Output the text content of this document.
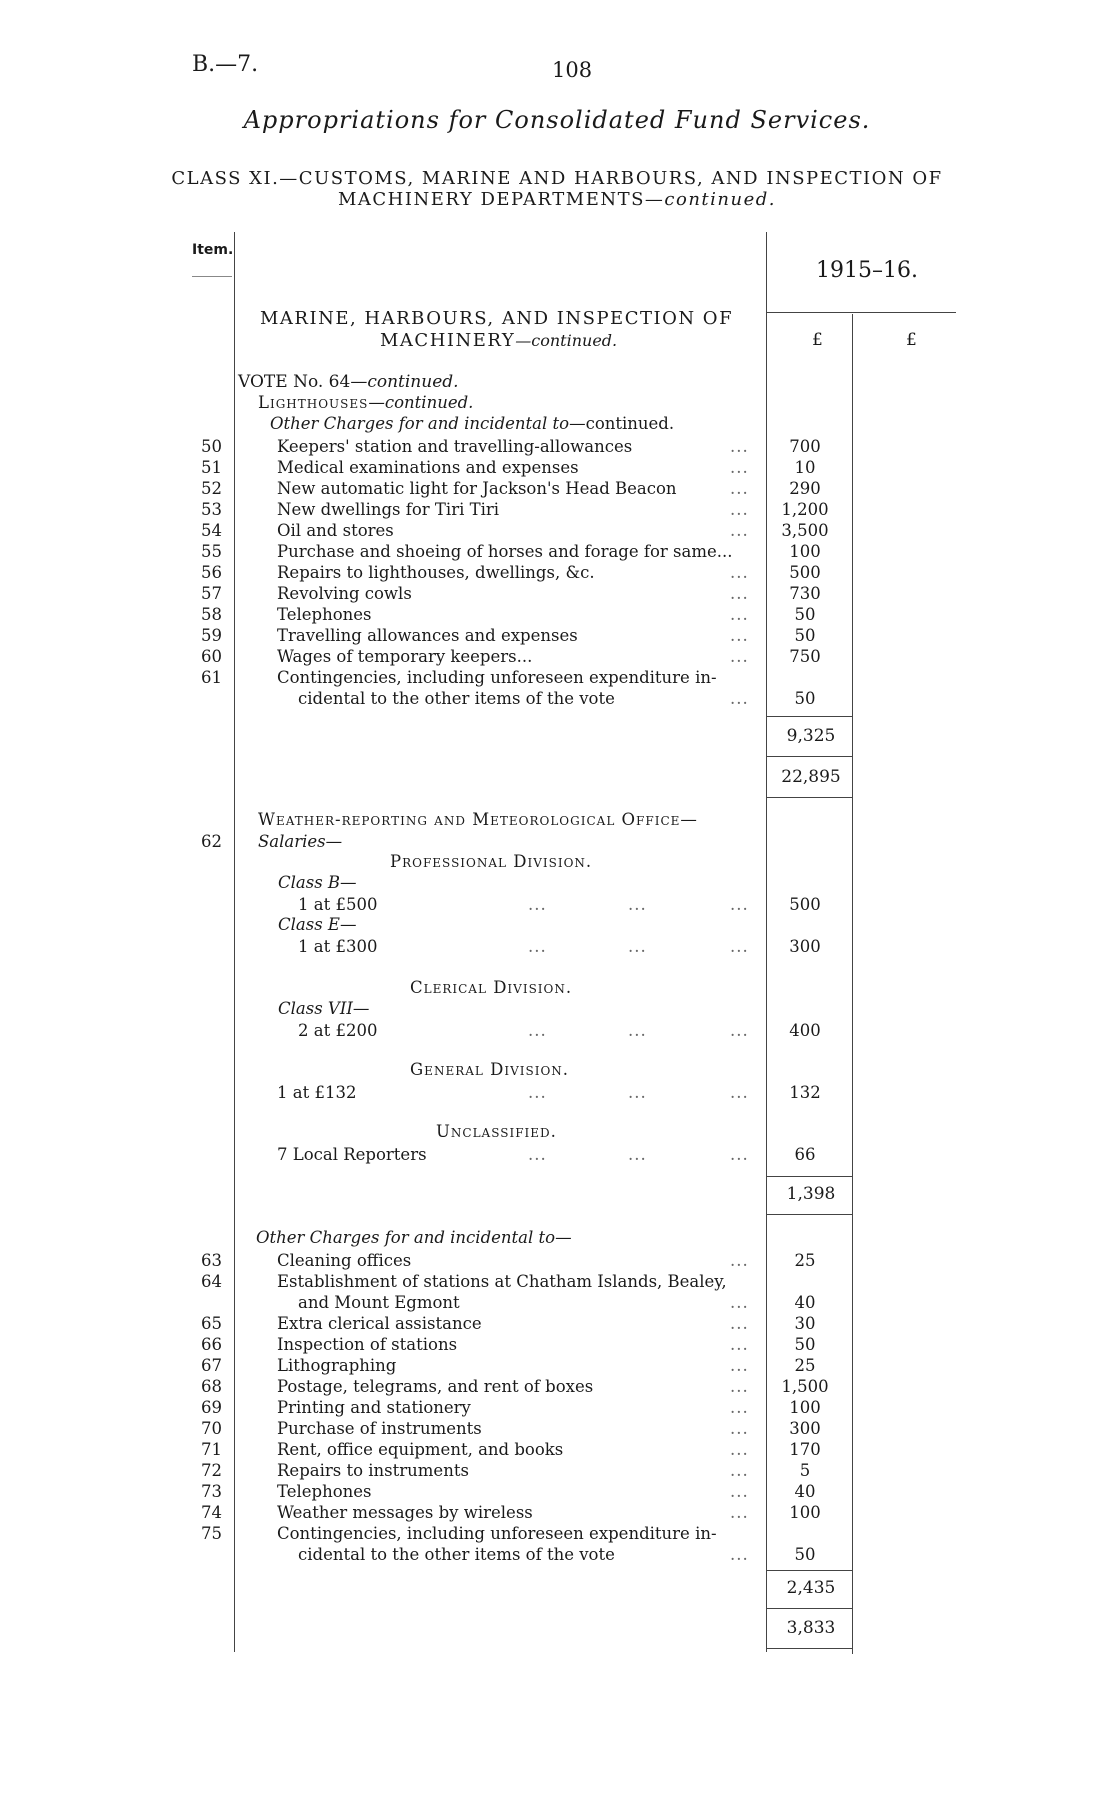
B.—7.	108
Appropriations for Consolidated Fund Services.
CLASS XI.—CUSTOMS, MARINE AND HARBOURS, AND INSPECTION OF
MACHINERY DEPARTMENTS—continued.
Item.
1915–16.
£	£
MARINE, HARBOURS, AND INSPECTION OF
MACHINERY—continued.
VOTE No. 64—continued.
Lighthouses—continued.
Other Charges for and incidental to—continued.
50	Keepers' station and travelling-allowances	...	700
51	Medical examinations and expenses	...	10
52	New automatic light for Jackson's Head Beacon	...	290
53	New dwellings for Tiri Tiri	...	1,200
54	Oil and stores	...	3,500
55	Purchase and shoeing of horses and forage for same...	100
56	Repairs to lighthouses, dwellings, &c.	...	500
57	Revolving cowls	...	730
58	Telephones	...	50
59	Travelling allowances and expenses	...	50
60	Wages of temporary keepers...	...	750
61	Contingencies, including unforeseen expenditure in-
cidental to the other items of the vote	...	50
9,325
22,895
Weather-reporting and Meteorological Office—
62 Salaries—
Professional Division.
Class B—
1 at £500	...	...	...	500
Class E—
1 at £300	...	...	...	300
Clerical Division.
Class VII—
2 at £200	...	...	...	400
General Division.
1 at £132	...	...	...	132
Unclassified.
7 Local Reporters	...	...	...	66
1,398
Other Charges for and incidental to—
63	Cleaning offices	...	25
64	Establishment of stations at Chatham Islands, Bealey,
and Mount Egmont	...	40
65	Extra clerical assistance	...	30
66	Inspection of stations	...	50
67	Lithographing	...	25
68	Postage, telegrams, and rent of boxes	...	1,500
69	Printing and stationery	...	100
70	Purchase of instruments	...	300
71	Rent, office equipment, and books	...	170
72	Repairs to instruments	...	5
73	Telephones	...	40
74	Weather messages by wireless	...	100
75	Contingencies, including unforeseen expenditure in-
cidental to the other items of the vote	...	50
2,435
3,833
